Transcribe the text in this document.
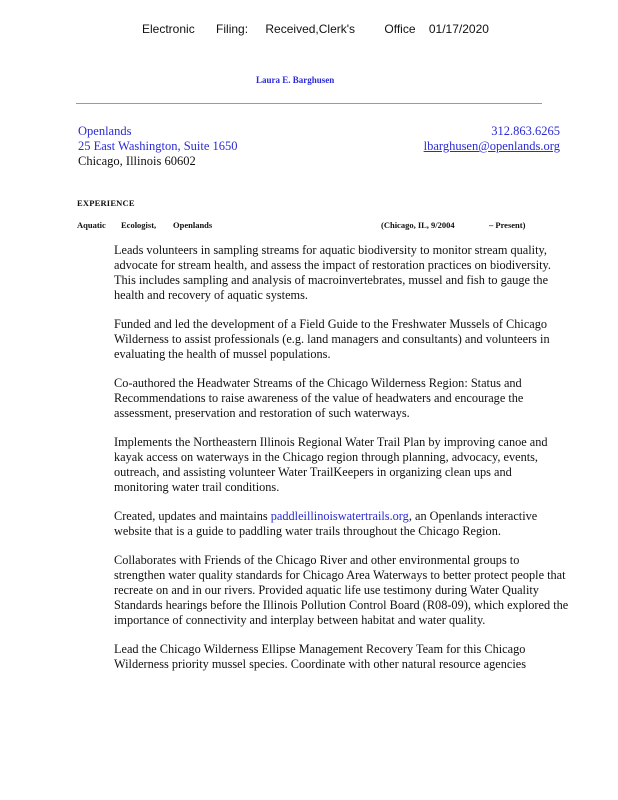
Electronic Filing: Received,Clerk's Office 01/17/2020
Laura E. Barghusen
Openlands	312.863.6265
25 East Washington, Suite 1650	lbarghusen@openlands.org
Chicago, Illinois 60602
EXPERIENCE
Aquatic Ecologist, Openlands	(Chicago, IL, 9/2004	– Present)

Leads volunteers in sampling streams for aquatic biodiversity to monitor stream quality, advocate for stream health, and assess the impact of restoration practices on biodiversity. This includes sampling and analysis of macroinvertebrates, mussel and fish to gauge the health and recovery of aquatic systems.

Funded and led the development of a Field Guide to the Freshwater Mussels of Chicago Wilderness to assist professionals (e.g. land managers and consultants) and volunteers in evaluating the health of mussel populations.

Co-authored the Headwater Streams of the Chicago Wilderness Region: Status and Recommendations to raise awareness of the value of headwaters and encourage the assessment, preservation and restoration of such waterways.

Implements the Northeastern Illinois Regional Water Trail Plan by improving canoe and kayak access on waterways in the Chicago region through planning, advocacy, events, outreach, and assisting volunteer Water TrailKeepers in organizing clean ups and monitoring water trail conditions.

Created, updates and maintains paddleillinoiswatertrails.org, an Openlands interactive website that is a guide to paddling water trails throughout the Chicago Region.

Collaborates with Friends of the Chicago River and other environmental groups to strengthen water quality standards for Chicago Area Waterways to better protect people that recreate on and in our rivers. Provided aquatic life use testimony during Water Quality Standards hearings before the Illinois Pollution Control Board (R08-09), which explored the importance of connectivity and interplay between habitat and water quality.

Lead the Chicago Wilderness Ellipse Management Recovery Team for this Chicago Wilderness priority mussel species. Coordinate with other natural resource agencies
